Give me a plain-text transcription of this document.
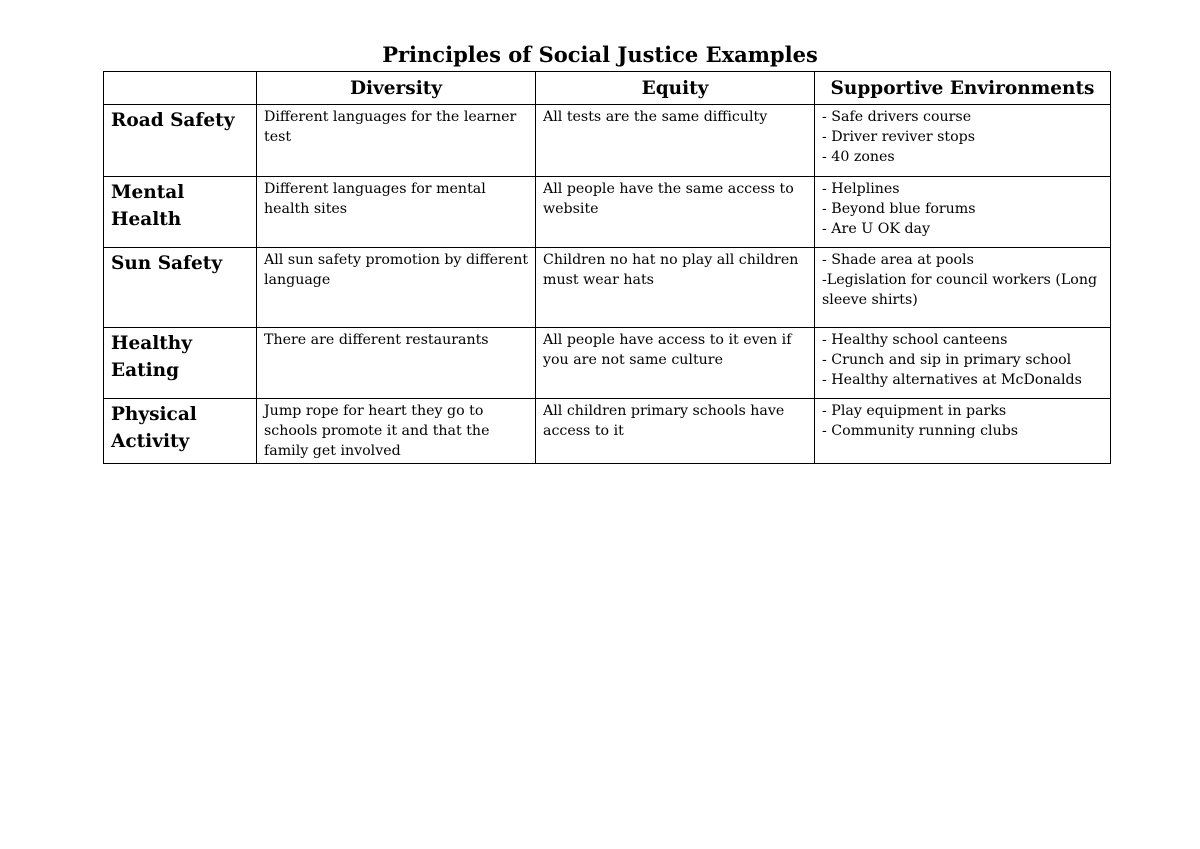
Principles of Social Justice Examples
	Diversity	Equity	Supportive Environments
Road Safety	Different languages for the learner test	All tests are the same difficulty	- Safe drivers course
- Driver reviver stops
- 40 zones

Mental Health	Different languages for mental health sites	All people have the same access to website	- Helplines
- Beyond blue forums
- Are U OK day

Sun Safety	All sun safety promotion by different language	Children no hat no play all children must wear hats	- Shade area at pools
-Legislation for council workers (Long sleeve shirts)

Healthy Eating	There are different restaurants	All people have access to it even if you are not same culture	- Healthy school canteens
- Crunch and sip in primary school
- Healthy alternatives at McDonalds

Physical Activity	Jump rope for heart they go to schools promote it and that the family get involved	All children primary schools have access to it	- Play equipment in parks
- Community running clubs
